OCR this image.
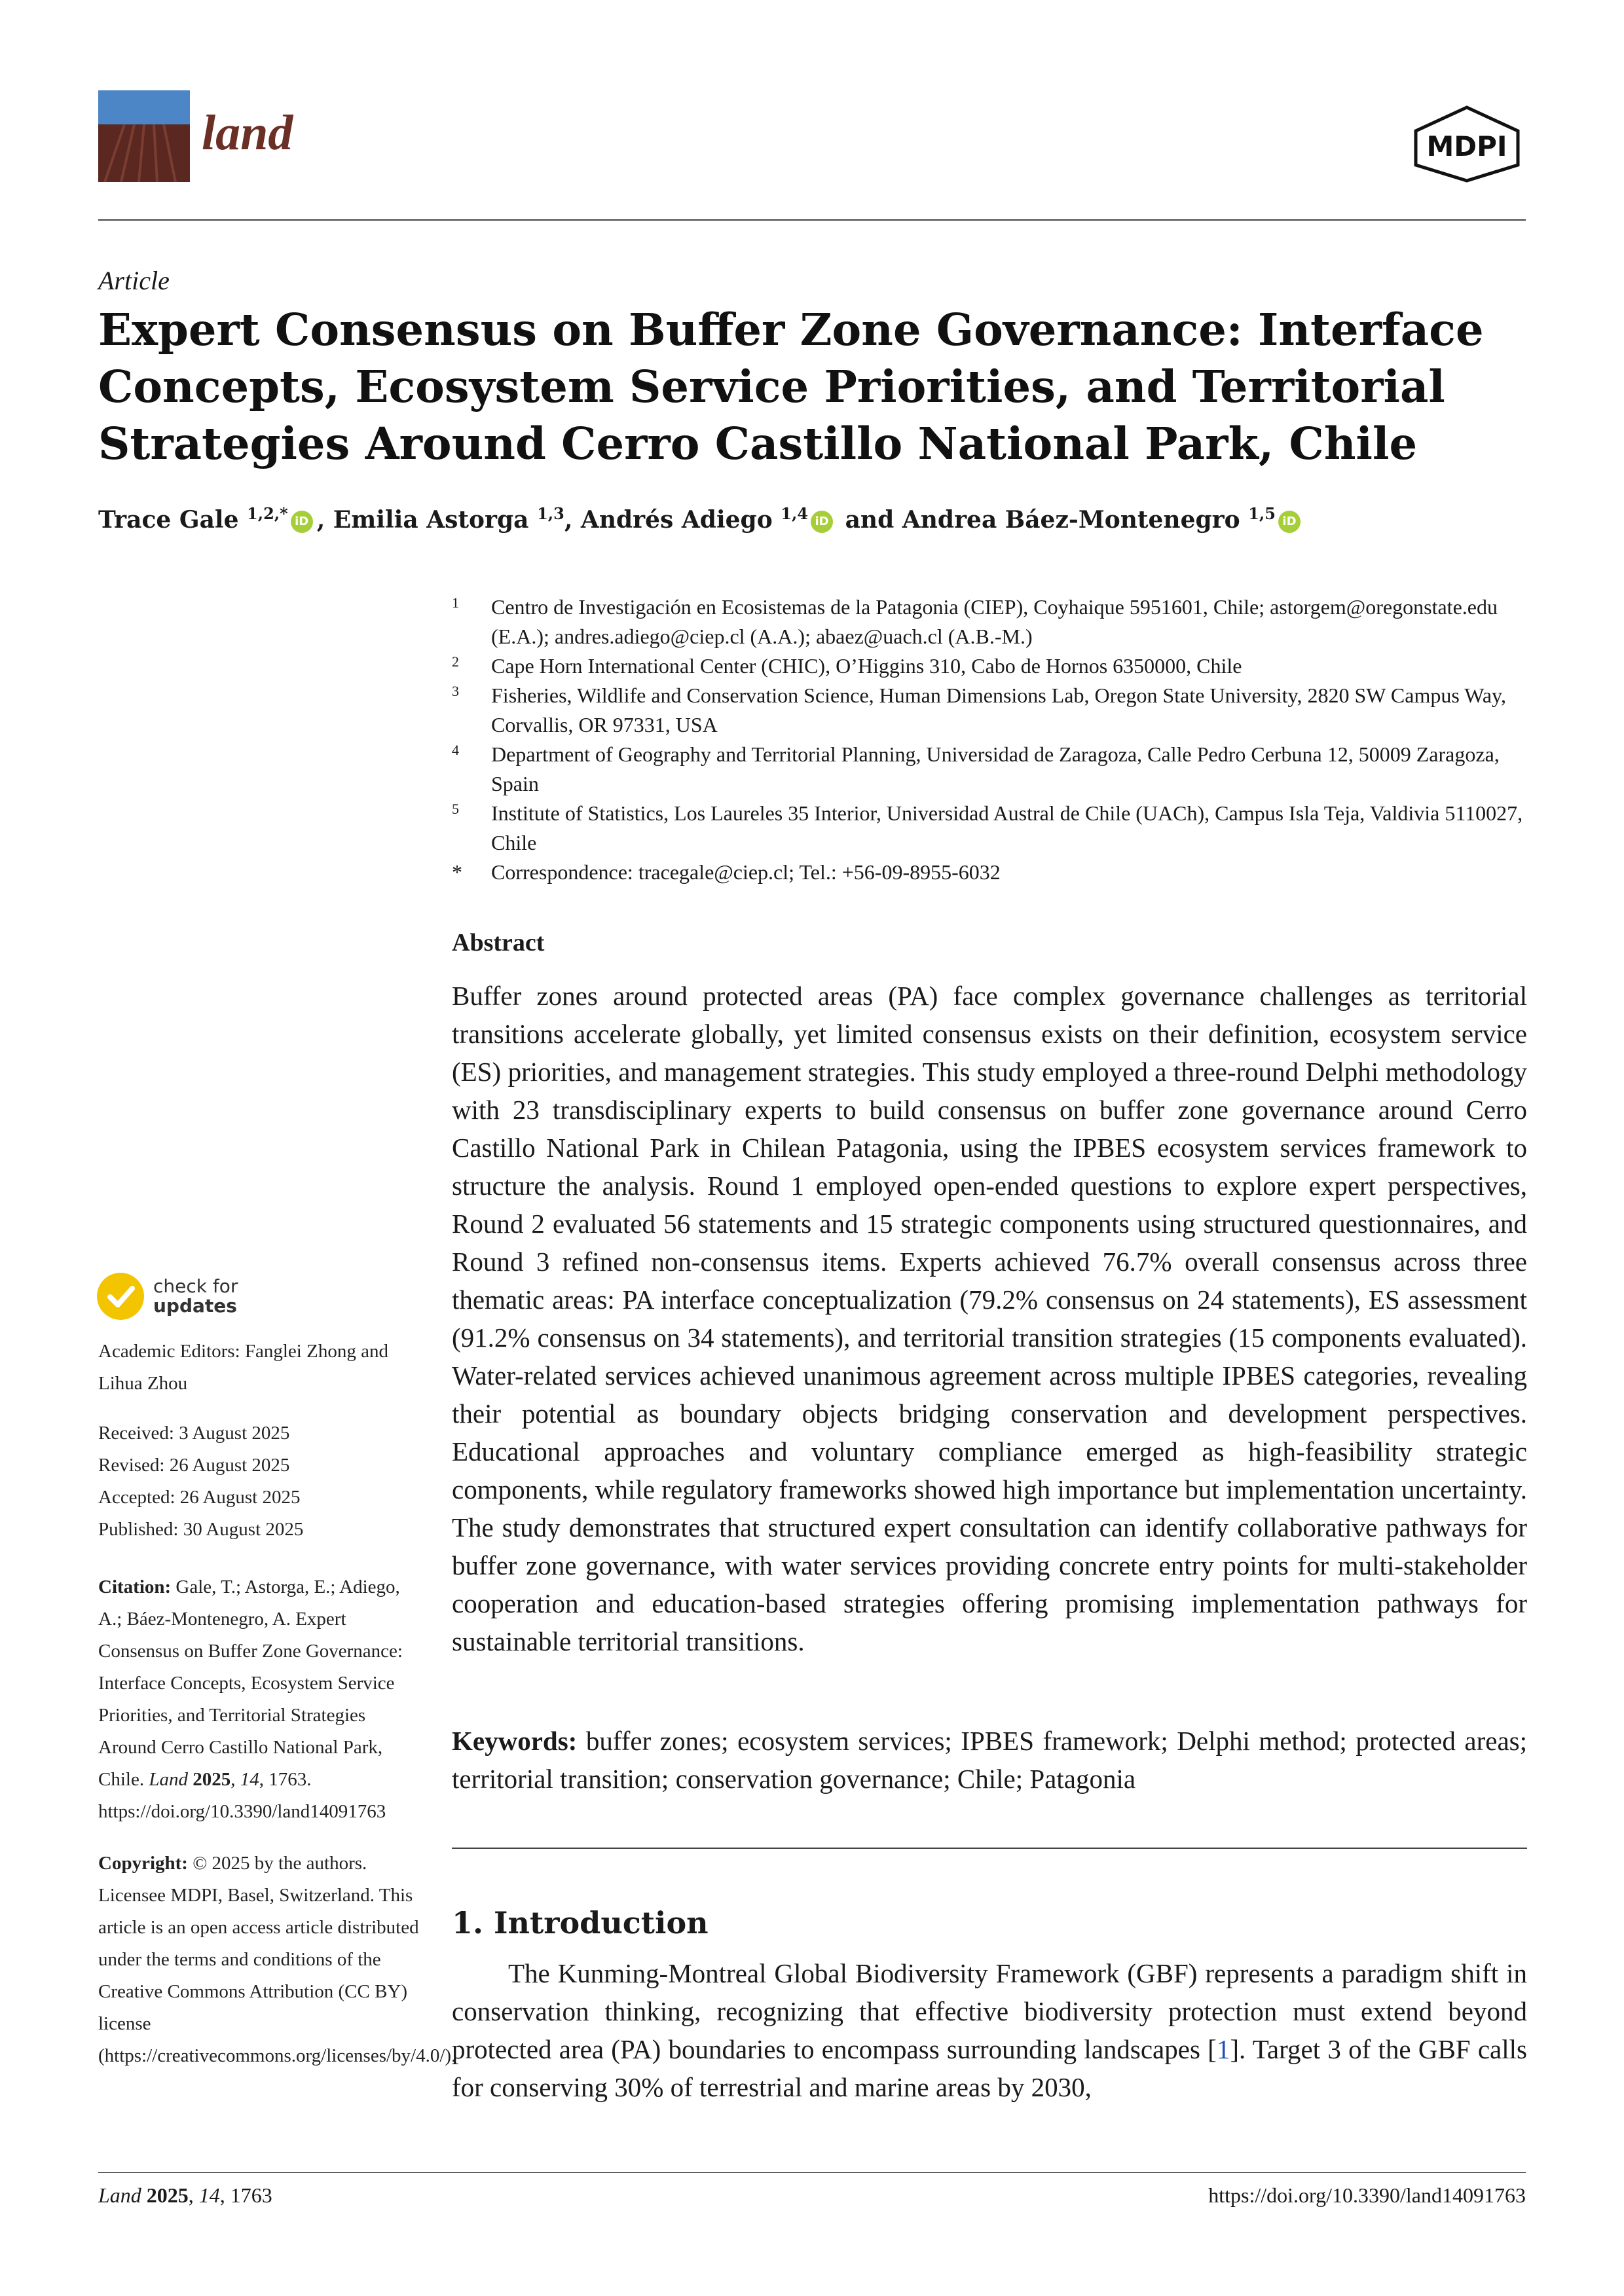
land	MDPI
Article
Expert Consensus on Buffer Zone Governance: Interface Concepts, Ecosystem Service Priorities, and Territorial Strategies Around Cerro Castillo National Park, Chile
Trace Gale $^{1,2,*}$ iD , Emilia Astorga $^{1,3}$, Andrés Adiego $^{1,4}$ iD and Andrea Báez-Montenegro $^{1,5}$ iD
1	Centro de Investigación en Ecosistemas de la Patagonia (CIEP), Coyhaique 5951601, Chile; astorgem@oregonstate.edu (E.A.); andres.adiego@ciep.cl (A.A.); abaez@uach.cl (A.B.-M.)
2	Cape Horn International Center (CHIC), O’Higgins 310, Cabo de Hornos 6350000, Chile
3	Fisheries, Wildlife and Conservation Science, Human Dimensions Lab, Oregon State University, 2820 SW Campus Way, Corvallis, OR 97331, USA
4	Department of Geography and Territorial Planning, Universidad de Zaragoza, Calle Pedro Cerbuna 12, 50009 Zaragoza, Spain
5	Institute of Statistics, Los Laureles 35 Interior, Universidad Austral de Chile (UACh), Campus Isla Teja, Valdivia 5110027, Chile
*	Correspondence: tracegale@ciep.cl; Tel.: +56-09-8955-6032
Abstract
Buffer zones around protected areas (PA) face complex governance challenges as territorial transitions accelerate globally, yet limited consensus exists on their definition, ecosystem service (ES) priorities, and management strategies. This study employed a three-round Delphi methodology with 23 transdisciplinary experts to build consensus on buffer zone governance around Cerro Castillo National Park in Chilean Patagonia, using the IPBES ecosystem services framework to structure the analysis. Round 1 employed open-ended questions to explore expert perspectives, Round 2 evaluated 56 statements and 15 strategic components using structured questionnaires, and Round 3 refined non-consensus items. Experts achieved 76.7% overall consensus across three thematic areas: PA interface conceptualization (79.2% consensus on 24 statements), ES assessment (91.2% consensus on 34 statements), and territorial transition strategies (15 components evaluated). Water-related services achieved unanimous agreement across multiple IPBES categories, revealing their potential as boundary objects bridging conservation and development perspectives. Educational approaches and voluntary compliance emerged as high-feasibility strategic components, while regulatory frameworks showed high importance but implementation uncertainty. The study demonstrates that structured expert consultation can identify collaborative pathways for buffer zone governance, with water services providing concrete entry points for multi-stakeholder cooperation and education-based strategies offering promising implementation pathways for sustainable territorial transitions.
Keywords: buffer zones; ecosystem services; IPBES framework; Delphi method; protected areas; territorial transition; conservation governance; Chile; Patagonia
1. Introduction
The Kunming-Montreal Global Biodiversity Framework (GBF) represents a paradigm shift in conservation thinking, recognizing that effective biodiversity protection must extend beyond protected area (PA) boundaries to encompass surrounding landscapes [1]. Target 3 of the GBF calls for conserving 30% of terrestrial and marine areas by 2030,
check for
updates
Academic Editors: Fanglei Zhong and Lihua Zhou
Received: 3 August 2025
Revised: 26 August 2025
Accepted: 26 August 2025
Published: 30 August 2025
Citation: Gale, T.; Astorga, E.; Adiego, A.; Báez-Montenegro, A. Expert Consensus on Buffer Zone Governance: Interface Concepts, Ecosystem Service Priorities, and Territorial Strategies Around Cerro Castillo National Park, Chile. Land 2025, 14, 1763. https://doi.org/10.3390/land14091763
Copyright: © 2025 by the authors. Licensee MDPI, Basel, Switzerland. This article is an open access article distributed under the terms and conditions of the Creative Commons Attribution (CC BY) license (https://creativecommons.org/licenses/by/4.0/).
Land 2025, 14, 1763	https://doi.org/10.3390/land14091763
